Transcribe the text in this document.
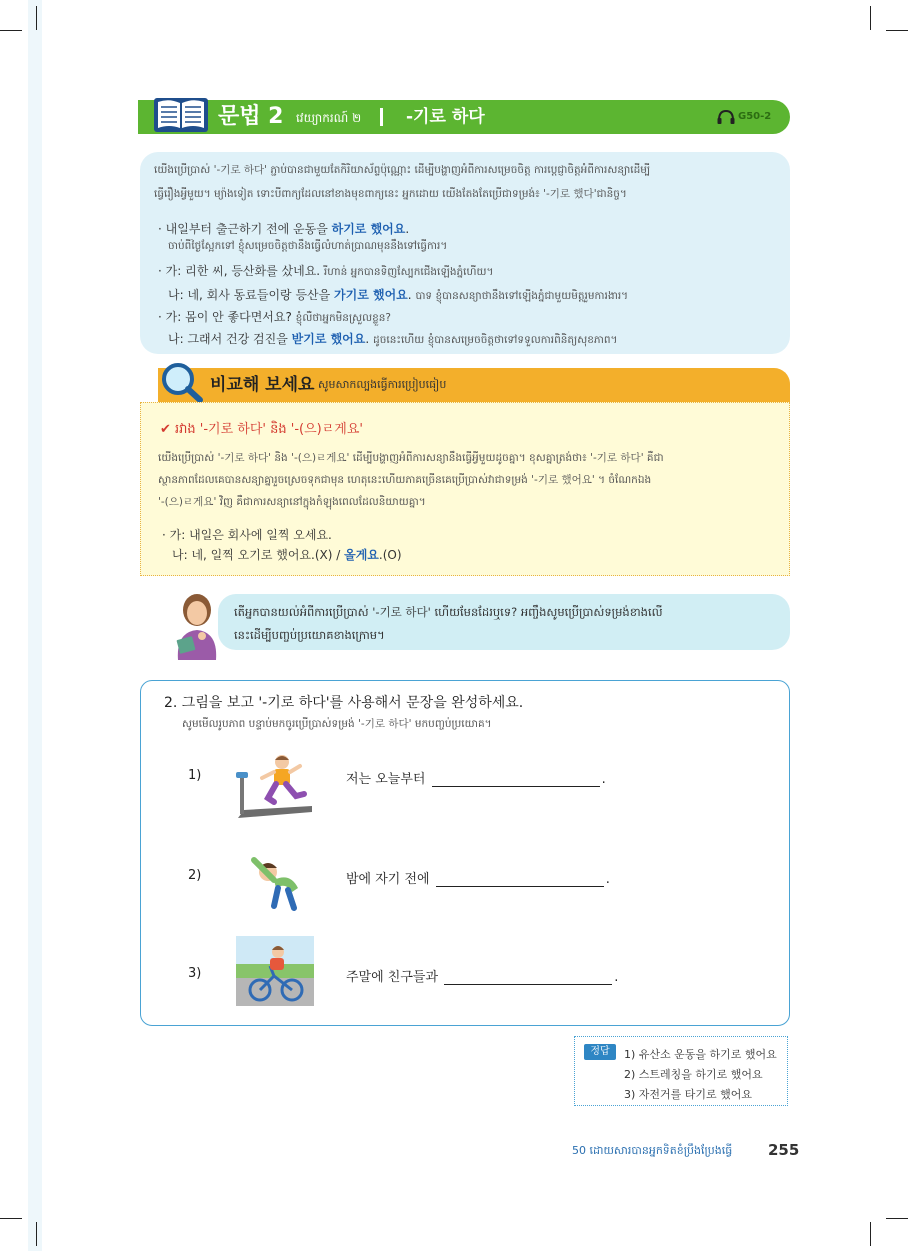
문법 2 វេយ្យាករណ៍ ២	-기로 하다	G50-2
យើងប្រើប្រាស់ '-기로 하다' ភ្ជាប់បានជាមួយតែកិរិយាស័ព្ទប៉ុណ្ណោះ ដើម្បីបង្ហាញអំពីការសម្រេចចិត្ត ការប្ដេជ្ញាចិត្តអំពីការសន្យាដើម្បី
ធ្វើរឿងអ្វីមួយ។ ម្យ៉ាងទៀត ទោះបីពាក្យដែលនៅខាងមុខពាក្យនេះ អ្នកដោយ យើងតែងតែប្រើជាទម្រង់៖ '-기로 했다'ជានិច្ច។
· 내일부터 출근하기 전에 운동을 하기로 했어요.
ចាប់ពីថ្ងៃស្អែកទៅ ខ្ញុំសម្រេចចិត្តថានឹងធ្វើលំហាត់ប្រាណមុននឹងទៅធ្វើការ។
· 가: 리한 씨, 등산화를 샀네요. រីហាន់ អ្នកបានទិញស្បែកជើងឡើងភ្នំហើយ។
나: 네, 회사 동료들이랑 등산을 가기로 했어요. បាទ ខ្ញុំបានសន្យាថានឹងទៅឡើងភ្នំជាមួយមិត្តរួមការងារ។
· 가: 몸이 안 좋다면서요? ខ្ញុំលឺថាអ្នកមិនស្រួលខ្លួន?
나: 그래서 건강 검진을 받기로 했어요. ដូចនេះហើយ ខ្ញុំបានសម្រេចចិត្តថាទៅទទួលការពិនិត្យសុខភាព។
비교해 보세요 សូមសាកល្បងធ្វើការប្រៀបធៀប
✔ រវាង '-기로 하다' និង '-(으)ㄹ게요'
យើងប្រើប្រាស់ '-기로 하다' និង '-(으)ㄹ게요' ដើម្បីបង្ហាញអំពីការសន្យានឹងធ្វើអ្វីមួយដូចគ្នា។ ខុសគ្នាត្រង់ថា៖ '-기로 하다' គឺជា
ស្ថានភាពដែលគេបានសន្យាគ្នារួចស្រេចទុកជាមុន ហេតុនេះហើយភាគច្រើនគេប្រើប្រាស់វាជាទម្រង់ '-기로 했어요' ។ ចំណែកឯង
'-(으)ㄹ게요' វិញ គឺជាការសន្យានៅក្នុងកំឡុងពេលដែលនិយាយគ្នា។
· 가: 내일은 회사에 일찍 오세요.
나: 네, 일찍 오기로 했어요.(X) / 올게요.(O)
តើអ្នកបានយល់អំពីការប្រើប្រាស់ '-기로 하다' ហើយមែនដែរឬទេ? អញ្ចឹងសូមប្រើប្រាស់ទម្រង់ខាងលើ
នេះដើម្បីបញ្ចប់ប្រយោគខាងក្រោម។
2. 그림을 보고 '-기로 하다'를 사용해서 문장을 완성하세요.
សូមមើលរូបភាព បន្ទាប់មកចូរប្រើប្រាស់ទម្រង់ '-기로 하다' មកបញ្ចប់ប្រយោគ។
1)	저는 오늘부터	.
2)	밤에 자기 전에	.
3)	주말에 친구들과	.
정답	1) 유산소 운동을 하기로 했어요
2) 스트레칭을 하기로 했어요
3) 자전거를 타기로 했어요
50 ដោយសារបានអ្នកទិតខំប្រឹងប្រែងធ្វើ 255
